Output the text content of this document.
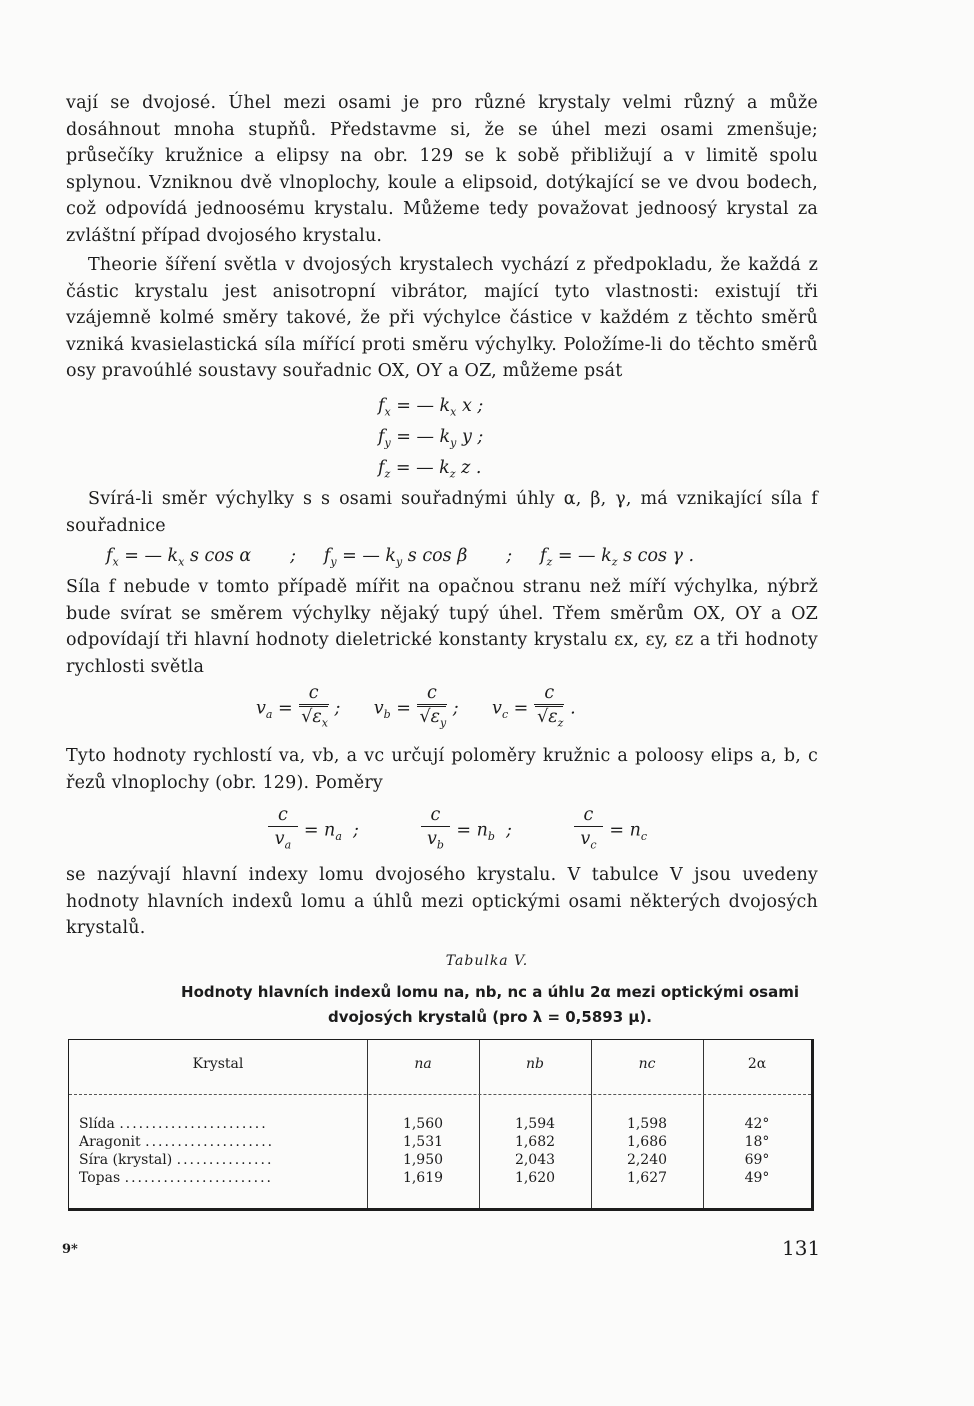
vají se dvojosé. Úhel mezi osami je pro různé krystaly velmi různý a může dosáhnout mnoha stupňů. Představme si, že se úhel mezi osami zmenšuje; průsečíky kružnice a elipsy na obr. 129 se k sobě přibližují a v limitě spolu splynou. Vzniknou dvě vlnoplochy, koule a elipsoid, dotýkající se ve dvou bodech, což odpovídá jednoosému krystalu. Můžeme tedy považovat jednoosý krystal za zvláštní případ dvojosého krystalu.
Theorie šíření světla v dvojosých krystalech vychází z předpokladu, že každá z částic krystalu jest anisotropní vibrátor, mající tyto vlastnosti: existují tři vzájemně kolmé směry takové, že při výchylce částice v každém z těchto směrů vzniká kvasielastická síla mířící proti směru výchylky. Položíme-li do těchto směrů osy pravoúhlé soustavy souřadnic OX, OY a OZ, můžeme psát
$f_x$ = — $k_x$ x ;
$f_y$ = — $k_y$ y ;
$f_z$ = — $k_z$ z .
Svírá-li směr výchylky s s osami souřadnými úhly α, β, γ, má vznikající síla f souřadnice
$f_x$ = — $k_x$ s cos α       ;     $f_y$ = — $k_y$ s cos β       ;     $f_z$ = — $k_z$ s cos γ .
Síla f nebude v tomto případě mířit na opačnou stranu než míří výchylka, nýbrž bude svírat se směrem výchylky nějaký tupý úhel. Třem směrům OX, OY a OZ odpovídají tři hlavní hodnoty dieletrické konstanty krystalu εx, εy, εz a tři hodnoty rychlosti světla
$v_a = \frac{c}{√\varepsilon_x}$ ;      $v_b = \frac{c}{√\varepsilon_y}$ ;      $v_c = \frac{c}{√\varepsilon_z}$ .
Tyto hodnoty rychlostí va, vb, a vc určují poloměry kružnic a poloosy elips a, b, c řezů vlnoplochy (obr. 129). Poměry
$\frac{c}{v_a} = n_a$  ; $\frac{c}{v_b} = n_b$  ; $\frac{c}{v_c} = n_c$
se nazývají hlavní indexy lomu dvojosého krystalu. V tabulce V jsou uvedeny hodnoty hlavních indexů lomu a úhlů mezi optickými osami některých dvojosých krystalů.
Tabulka V.
Hodnoty hlavních indexů lomu na, nb, nc a úhlu 2α mezi optickými osami
dvojosých krystalů (pro λ = 0,5893 μ).
Krystal	na	nb	nc	2α
Slída .......................	1,560	1,594	1,598	42°
Aragonit ....................	1,531	1,682	1,686	18°
Síra (krystal) ...............	1,950	2,043	2,240	69°
Topas .......................	1,619	1,620	1,627	49°
9*	131
